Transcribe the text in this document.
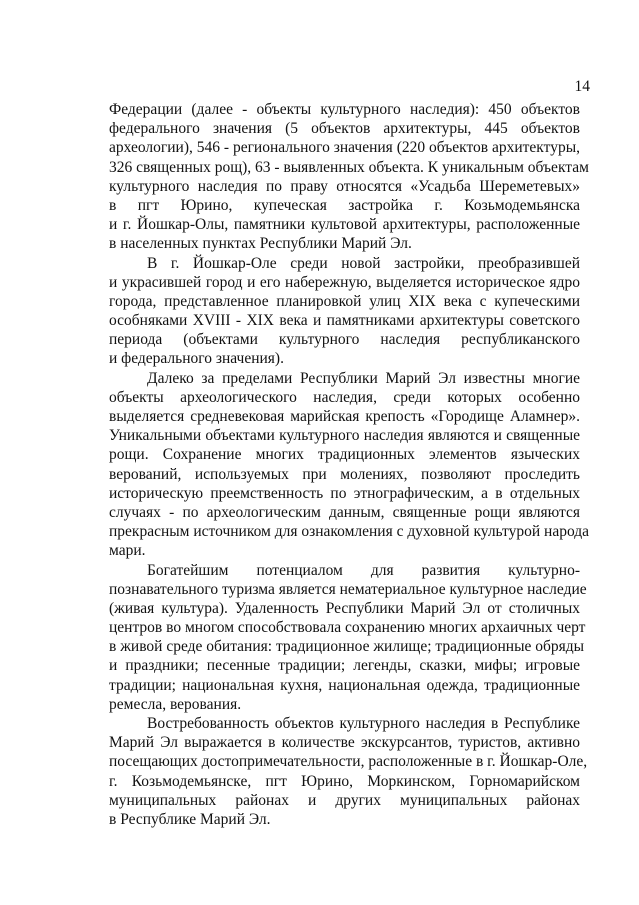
14
Федерации (далее - объекты культурного наследия): 450 объектов
федерального значения (5 объектов архитектуры, 445 объектов
археологии), 546 - регионального значения (220 объектов архитектуры,
326 священных рощ), 63 - выявленных объекта. К уникальным объектам
культурного наследия по праву относятся «Усадьба Шереметевых»
в пгт Юрино, купеческая застройка г. Козьмодемьянска
и г. Йошкар-Олы, памятники культовой архитектуры, расположенные
в населенных пунктах Республики Марий Эл.
В г. Йошкар-Оле среди новой застройки, преобразившей
и украсившей город и его набережную, выделяется историческое ядро
города, представленное планировкой улиц XIX века с купеческими
особняками XVIII - XIX века и памятниками архитектуры советского
периода (объектами культурного наследия республиканского
и федерального значения).
Далеко за пределами Республики Марий Эл известны многие
объекты археологического наследия, среди которых особенно
выделяется средневековая марийская крепость «Городище Аламнер».
Уникальными объектами культурного наследия являются и священные
рощи. Сохранение многих традиционных элементов языческих
верований, используемых при молениях, позволяют проследить
историческую преемственность по этнографическим, а в отдельных
случаях - по археологическим данным, священные рощи являются
прекрасным источником для ознакомления с духовной культурой народа
мари.
Богатейшим потенциалом для развития культурно-
познавательного туризма является нематериальное культурное наследие
(живая культура). Удаленность Республики Марий Эл от столичных
центров во многом способствовала сохранению многих архаичных черт
в живой среде обитания: традиционное жилище; традиционные обряды
и праздники; песенные традиции; легенды, сказки, мифы; игровые
традиции; национальная кухня, национальная одежда, традиционные
ремесла, верования.
Востребованность объектов культурного наследия в Республике
Марий Эл выражается в количестве экскурсантов, туристов, активно
посещающих достопримечательности, расположенные в г. Йошкар-Оле,
г. Козьмодемьянске, пгт Юрино, Моркинском, Горномарийском
муниципальных районах и других муниципальных районах
в Республике Марий Эл.
